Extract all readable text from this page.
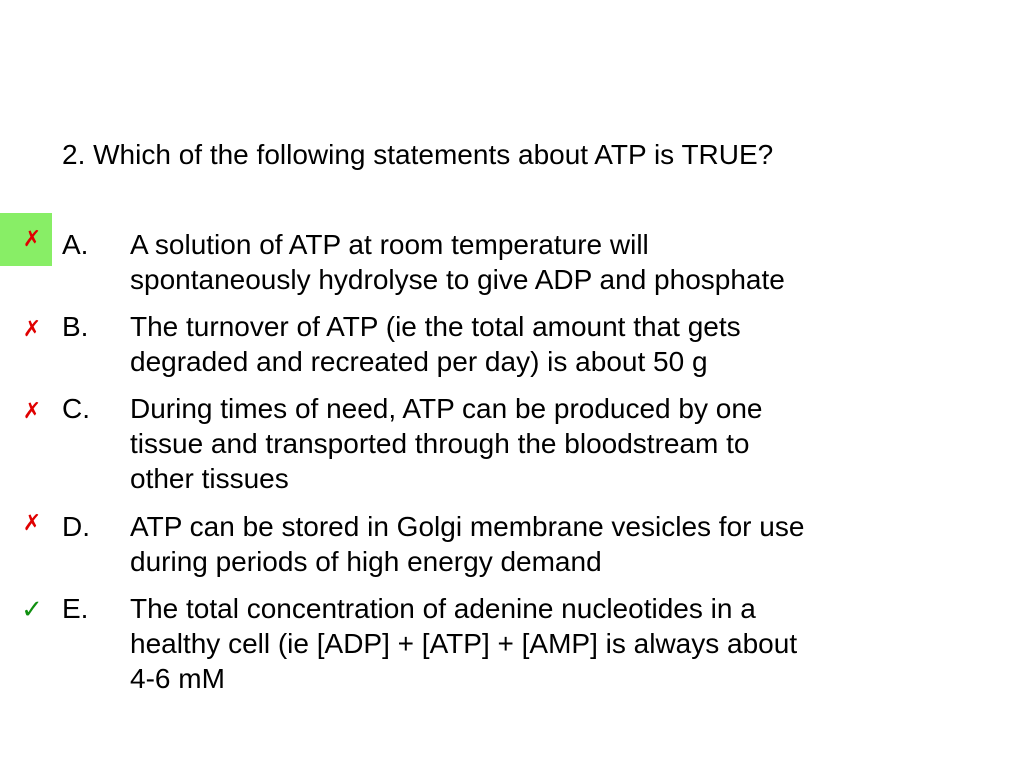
2. Which of the following statements about ATP is TRUE?
✗ A. A solution of ATP at room temperature will
spontaneously hydrolyse to give ADP and phosphate
✗ B. The turnover of ATP (ie the total amount that gets
degraded and recreated per day) is about 50 g
✗ C. During times of need, ATP can be produced by one
tissue and transported through the bloodstream to
other tissues
✗ D. ATP can be stored in Golgi membrane vesicles for use
during periods of high energy demand
✓ E. The total concentration of adenine nucleotides in a
healthy cell (ie [ADP] + [ATP] + [AMP] is always about
4-6 mM
